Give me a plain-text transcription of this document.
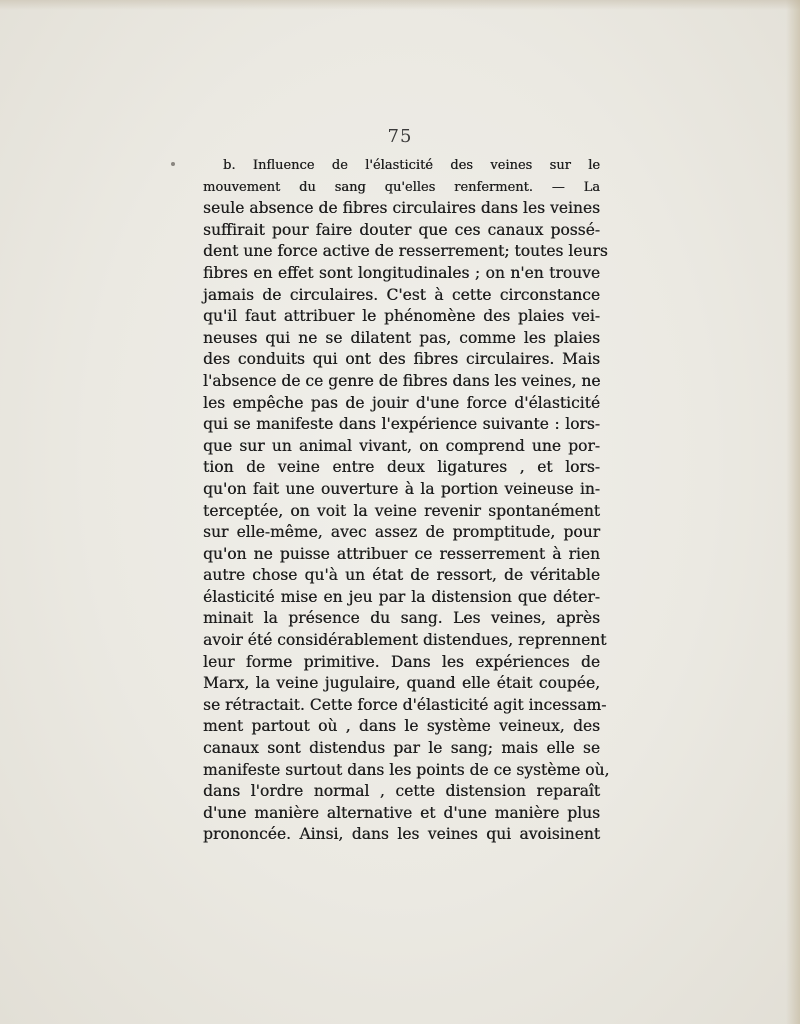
75
b. Influence de l'élasticité des veines sur le
mouvement du sang qu'elles renferment. — La
seule absence de fibres circulaires dans les veines
suffirait pour faire douter que ces canaux possé-
dent une force active de resserrement; toutes leurs
fibres en effet sont longitudinales ; on n'en trouve
jamais de circulaires. C'est à cette circonstance
qu'il faut attribuer le phénomène des plaies vei-
neuses qui ne se dilatent pas, comme les plaies
des conduits qui ont des fibres circulaires. Mais
l'absence de ce genre de fibres dans les veines, ne
les empêche pas de jouir d'une force d'élasticité
qui se manifeste dans l'expérience suivante : lors-
que sur un animal vivant, on comprend une por-
tion de veine entre deux ligatures , et lors-
qu'on fait une ouverture à la portion veineuse in-
terceptée, on voit la veine revenir spontanément
sur elle-même, avec assez de promptitude, pour
qu'on ne puisse attribuer ce resserrement à rien
autre chose qu'à un état de ressort, de véritable
élasticité mise en jeu par la distension que déter-
minait la présence du sang. Les veines, après
avoir été considérablement distendues, reprennent
leur forme primitive. Dans les expériences de
Marx, la veine jugulaire, quand elle était coupée,
se rétractait. Cette force d'élasticité agit incessam-
ment partout où , dans le système veineux, des
canaux sont distendus par le sang; mais elle se
manifeste surtout dans les points de ce système où,
dans l'ordre normal , cette distension reparaît
d'une manière alternative et d'une manière plus
prononcée. Ainsi, dans les veines qui avoisinent
